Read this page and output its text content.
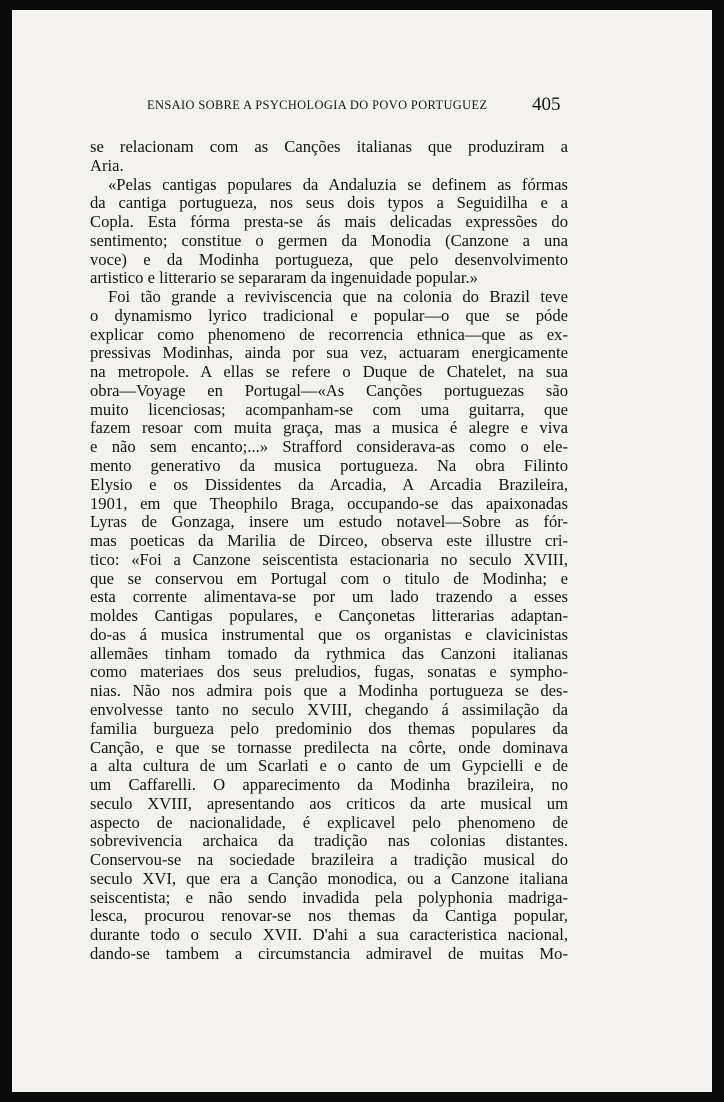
ENSAIO SOBRE A PSYCHOLOGIA DO POVO PORTUGUEZ 405
se relacionam com as Canções italianas que produziram a
Aria.
«Pelas cantigas populares da Andaluzia se definem as fórmas
da cantiga portugueza, nos seus dois typos a Seguidilha e a
Copla. Esta fórma presta-se ás mais delicadas expressões do
sentimento; constitue o germen da Monodia (Canzone a una
voce) e da Modinha portugueza, que pelo desenvolvimento
artistico e litterario se separaram da ingenuidade popular.»
Foi tão grande a reviviscencia que na colonia do Brazil teve
o dynamismo lyrico tradicional e popular—o que se póde
explicar como phenomeno de recorrencia ethnica—que as ex-
pressivas Modinhas, ainda por sua vez, actuaram energicamente
na metropole. A ellas se refere o Duque de Chatelet, na sua
obra—Voyage en Portugal—«As Canções portuguezas são
muito licenciosas; acompanham-se com uma guitarra, que
fazem resoar com muita graça, mas a musica é alegre e viva
e não sem encanto;...» Strafford considerava-as como o ele-
mento generativo da musica portugueza. Na obra Filinto
Elysio e os Dissidentes da Arcadia, A Arcadia Brazileira,
1901, em que Theophilo Braga, occupando-se das apaixonadas
Lyras de Gonzaga, insere um estudo notavel—Sobre as fór-
mas poeticas da Marilia de Dirceo, observa este illustre cri-
tico: «Foi a Canzone seiscentista estacionaria no seculo XVIII,
que se conservou em Portugal com o titulo de Modinha; e
esta corrente alimentava-se por um lado trazendo a esses
moldes Cantigas populares, e Cançonetas litterarias adaptan-
do-as á musica instrumental que os organistas e clavicinistas
allemães tinham tomado da rythmica das Canzoni italianas
como materiaes dos seus preludios, fugas, sonatas e sympho-
nias. Não nos admira pois que a Modinha portugueza se des-
envolvesse tanto no seculo XVIII, chegando á assimilação da
familia burgueza pelo predominio dos themas populares da
Canção, e que se tornasse predilecta na côrte, onde dominava
a alta cultura de um Scarlati e o canto de um Gypcielli e de
um Caffarelli. O apparecimento da Modinha brazileira, no
seculo XVIII, apresentando aos criticos da arte musical um
aspecto de nacionalidade, é explicavel pelo phenomeno de
sobrevivencia archaica da tradição nas colonias distantes.
Conservou-se na sociedade brazileira a tradição musical do
seculo XVI, que era a Canção monodica, ou a Canzone italiana
seiscentista; e não sendo invadida pela polyphonia madriga-
lesca, procurou renovar-se nos themas da Cantiga popular,
durante todo o seculo XVII. D'ahi a sua caracteristica nacional,
dando-se tambem a circumstancia admiravel de muitas Mo-
